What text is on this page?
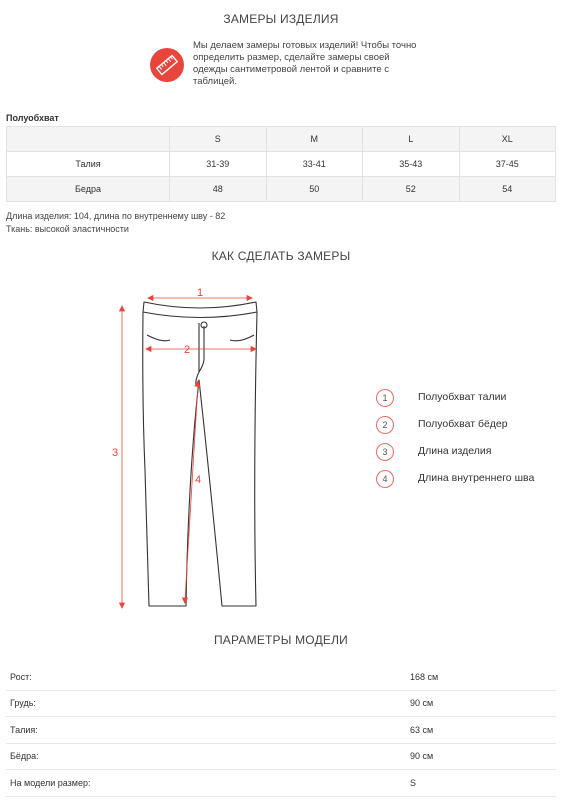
ЗАМЕРЫ ИЗДЕЛИЯ
Мы делаем замеры готовых изделий! Чтобы точно
определить размер, сделайте замеры своей
одежды сантиметровой лентой и сравните с
таблицей.
Полуобхват
	S	M	L	XL
Талия	31-39	33-41	35-43	37-45
Бедра	48	50	52	54
Длина изделия: 104, длина по внутреннему шву - 82
Ткань: высокой эластичности
КАК СДЕЛАТЬ ЗАМЕРЫ
1
2
3
4
1	Полуобхват талии
2	Полуобхват бёдер
3	Длина изделия
4	Длина внутреннего шва
ПАРАМЕТРЫ МОДЕЛИ
Рост:	168 см
Грудь:	90 см
Талия:	63 см
Бёдра:	90 см
На модели размер:	S
